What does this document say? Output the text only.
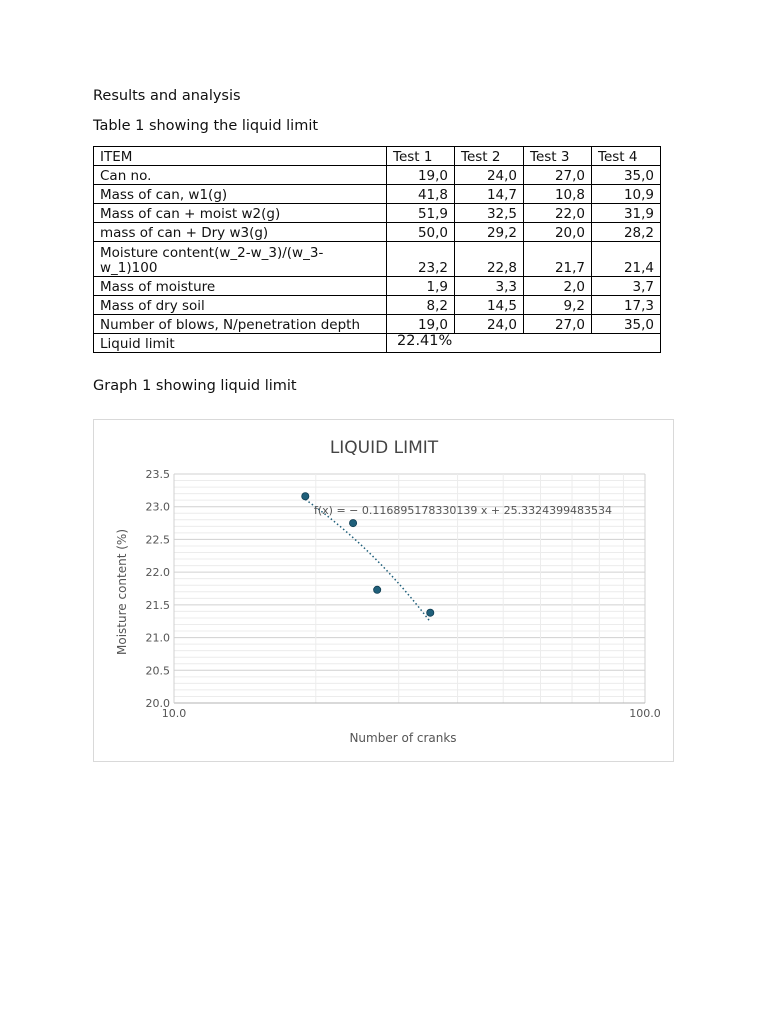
Results and analysis
Table 1 showing the liquid limit
ITEM	Test 1	Test 2	Test 3	Test 4
Can no.	19,0	24,0	27,0	35,0
Mass of can, w1(g)	41,8	14,7	10,8	10,9
Mass of can + moist w2(g)	51,9	32,5	22,0	31,9
mass of can + Dry w3(g)	50,0	29,2	20,0	28,2
Moisture content(w_2-w_3)/(w_3-w_1)100	23,2	22,8	21,7	21,4
Mass of moisture	1,9	3,3	2,0	3,7
Mass of dry soil	8,2	14,5	9,2	17,3
Number of blows, N/penetration depth	19,0	24,0	27,0	35,0
Liquid limit	22.41%			
Graph 1 showing liquid limit
LIQUID LIMIT
20.0
20.5
21.0
21.5
22.0
22.5
23.0
23.5
10.0	100.0
f(x) = − 0.116895178330139 x + 25.3324399483534
Number of cranks
Moisture content (%)
